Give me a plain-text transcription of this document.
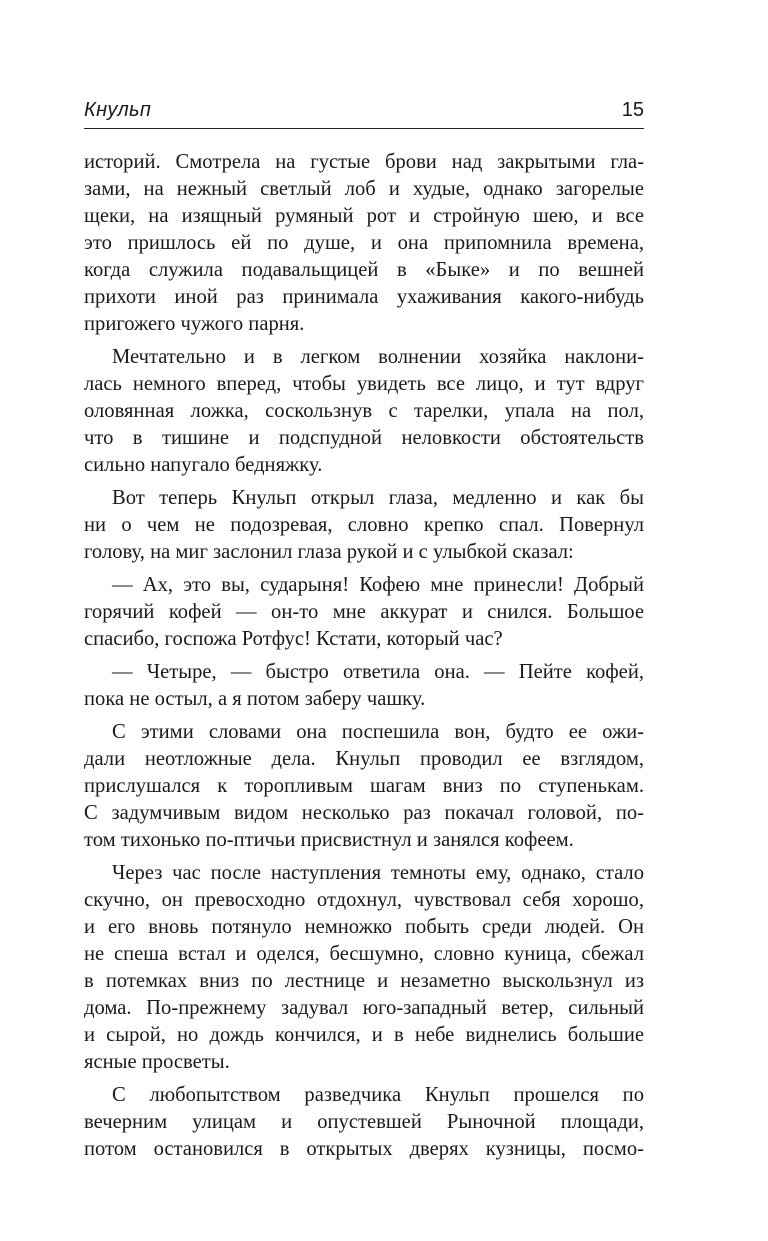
Кнульп	15

историй. Смотрела на густые брови над закрытыми гла-
зами, на нежный светлый лоб и худые, однако загорелые
щеки, на изящный румяный рот и стройную шею, и все
это пришлось ей по душе, и она припомнила времена,
когда служила подавальщицей в «Быке» и по вешней
прихоти иной раз принимала ухаживания какого-нибудь
пригожего чужого парня.

Мечтательно и в легком волнении хозяйка наклони-
лась немного вперед, чтобы увидеть все лицо, и тут вдруг
оловянная ложка, соскользнув с тарелки, упала на пол,
что в тишине и подспудной неловкости обстоятельств
сильно напугало бедняжку.

Вот теперь Кнульп открыл глаза, медленно и как бы
ни о чем не подозревая, словно крепко спал. Повернул
голову, на миг заслонил глаза рукой и с улыбкой сказал:

— Ах, это вы, сударыня! Кофею мне принесли! Добрый
горячий кофей — он-то мне аккурат и снился. Большое
спасибо, госпожа Ротфус! Кстати, который час?

— Четыре, — быстро ответила она. — Пейте кофей,
пока не остыл, а я потом заберу чашку.

С этими словами она поспешила вон, будто ее ожи-
дали неотложные дела. Кнульп проводил ее взглядом,
прислушался к торопливым шагам вниз по ступенькам.
С задумчивым видом несколько раз покачал головой, по-
том тихонько по-птичьи присвистнул и занялся кофеем.

Через час после наступления темноты ему, однако, стало
скучно, он превосходно отдохнул, чувствовал себя хорошо,
и его вновь потянуло немножко побыть среди людей. Он
не спеша встал и оделся, бесшумно, словно куница, сбежал
в потемках вниз по лестнице и незаметно выскользнул из
дома. По-прежнему задувал юго-западный ветер, сильный
и сырой, но дождь кончился, и в небе виднелись большие
ясные просветы.

С любопытством разведчика Кнульп прошелся по
вечерним улицам и опустевшей Рыночной площади,
потом остановился в открытых дверях кузницы, посмо-
